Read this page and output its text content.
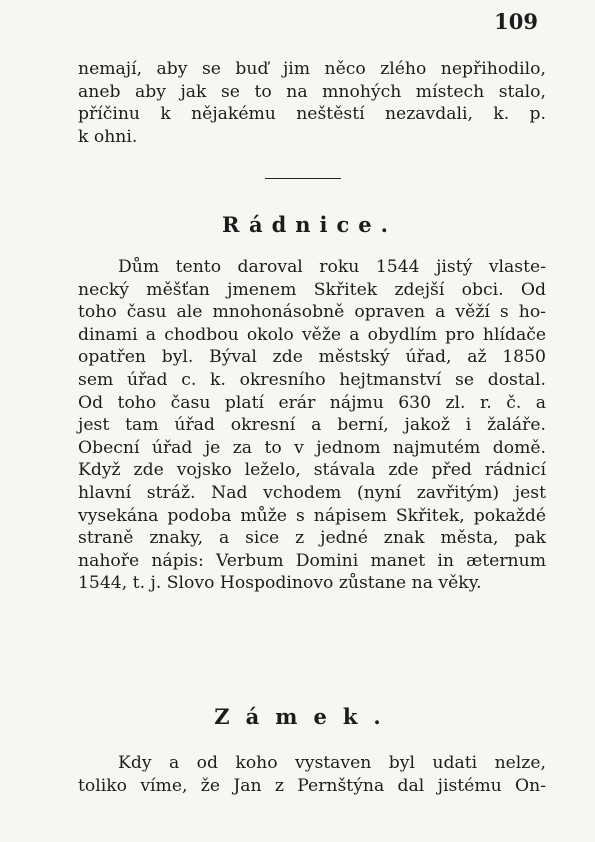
109
nemají, aby se buď jim něco zlého nepřihodilo,
aneb aby jak se to na mnohých místech stalo,
příčinu k nějakému neštěstí nezavdali, k. p.
k ohni.
Rádnice.
Dům tento daroval roku 1544 jistý vlaste-
necký měšťan jmenem Skřitek zdejší obci. Od
toho času ale mnohonásobně opraven a věží s ho-
dinami a chodbou okolo věže a obydlím pro hlídače
opatřen byl. Býval zde městský úřad, až 1850
sem úřad c. k. okresního hejtmanství se dostal.
Od toho času platí erár nájmu 630 zl. r. č. a
jest tam úřad okresní a berní, jakož i žaláře.
Obecní úřad je za to v jednom najmutém domě.
Když zde vojsko leželo, stávala zde před rádnicí
hlavní stráž. Nad vchodem (nyní zavřitým) jest
vysekána podoba může s nápisem Skřitek, pokaždé
straně znaky, a sice z jedné znak města, pak
nahoře nápis: Verbum Domini manet in æternum
1544, t. j. Slovo Hospodinovo zůstane na věky.
Zámek.
Kdy a od koho vystaven byl udati nelze,
toliko víme, že Jan z Pernštýna dal jistému On-
